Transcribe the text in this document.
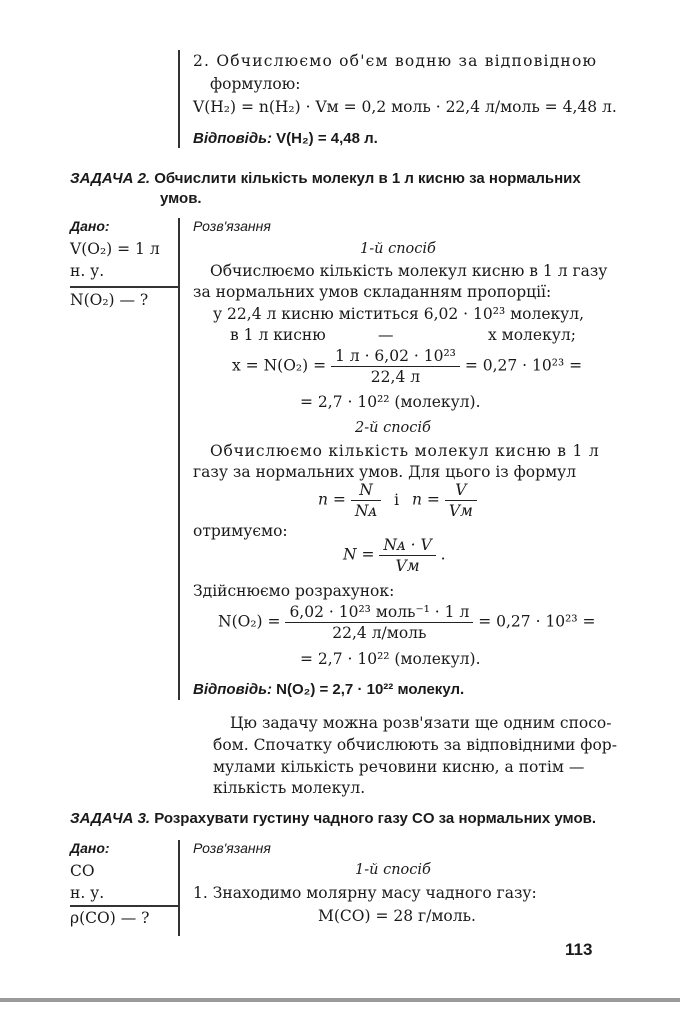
2. Обчислюємо об'єм водню за відповідною
формулою:
V(H₂) = n(H₂) · Vм = 0,2 моль · 22,4 л/моль = 4,48 л.
Відповідь: V(H₂) = 4,48 л.
ЗАДАЧА 2. Обчислити кількість молекул в 1 л кисню за нормальних
умов.
Дано:
V(O₂) = 1 л
н. у.
N(O₂) — ?
Розв'язання
1-й спосіб
Обчислюємо кількість молекул кисню в 1 л газу
за нормальних умов складанням пропорції:
у 22,4 л кисню міститься 6,02 · 10²³ молекул,
в 1 л кисню	—	x молекул;
$x = N(O_2) = \frac{\text{1 л · 6,02 · 10²³}}{22,4 л} = 0,27 \cdot 10^{23}$ =
= 2,7 · 10²² (молекул).
2-й спосіб
Обчислюємо кількість молекул кисню в 1 л
газу за нормальних умов. Для цього із формул
$n = \frac{N}{\text{Nᴀ}}$ і $n = \frac{V}{Vм}$
отримуємо:
$N = \frac{\text{Nᴀ · V}}{Vм}$ .
Здійснюємо розрахунок:
$N(O_2) = \frac{\text{6,02 · 10²³ моль⁻¹ · 1 л}}{\text{22,4 л/моль}} = 0,27 \cdot 10^{23}$ =
= 2,7 · 10²² (молекул).
Відповідь: N(O₂) = 2,7 · 10²² молекул.
Цю задачу можна розв'язати ще одним спосо-
бом. Спочатку обчислюють за відповідними фор-
мулами кількість речовини кисню, а потім —
кількість молекул.
ЗАДАЧА 3. Розрахувати густину чадного газу CO за нормальних умов.
Дано:
CO
н. у.
ρ(CO) — ?
Розв'язання
1-й спосіб
1. Знаходимо молярну масу чадного газу:
M(CO) = 28 г/моль.
113
